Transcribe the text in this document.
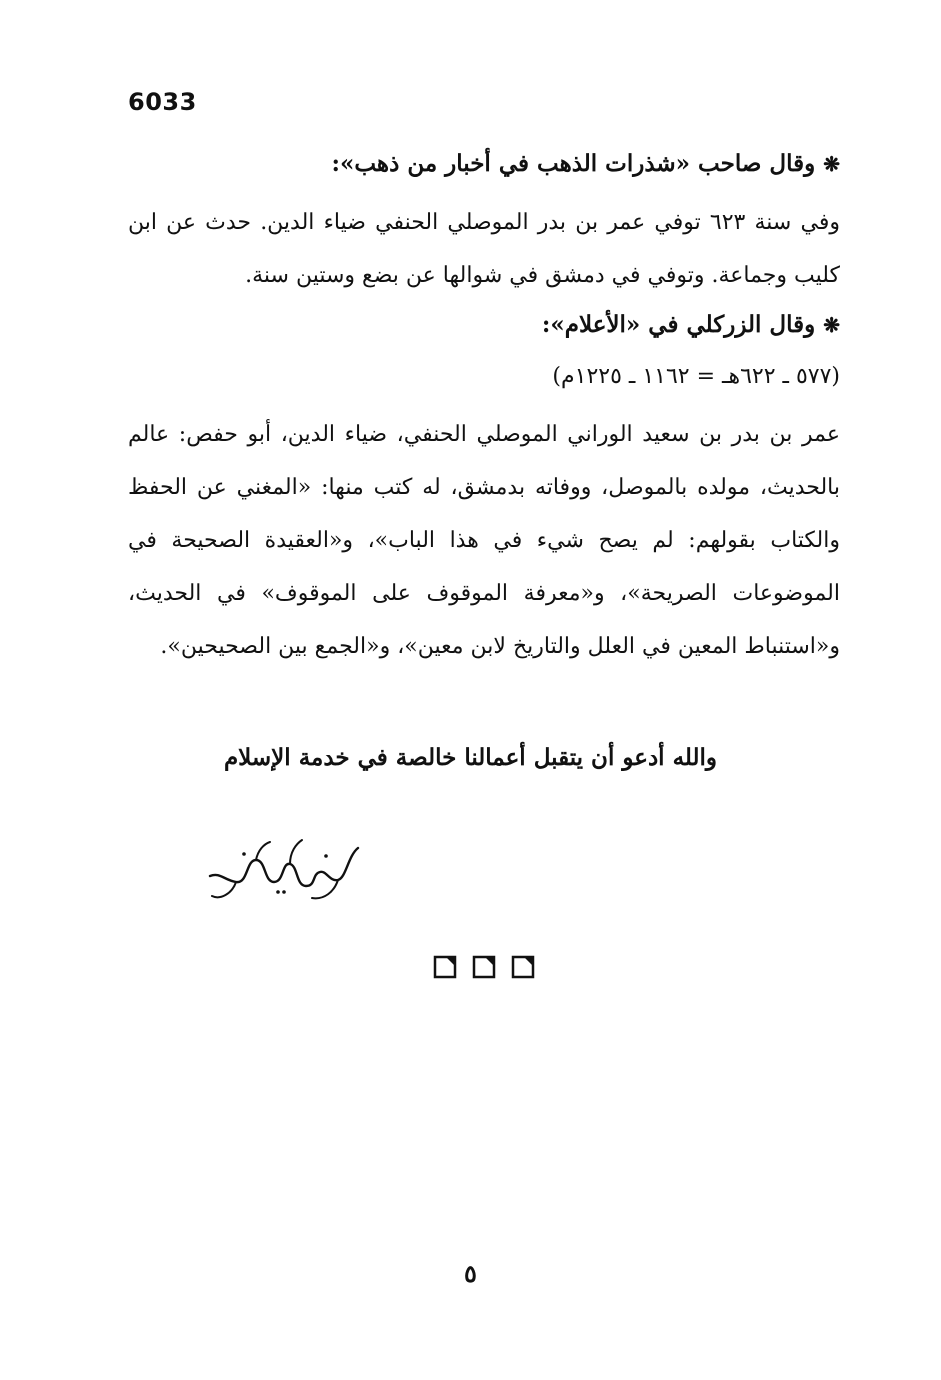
6033
❋وقال صاحب «شذرات الذهب في أخبار من ذهب»:
وفي سنة ٦٢٣ توفي عمر بن بدر الموصلي الحنفي ضياء الدين. حدث عن ابن كليب وجماعة. وتوفي في دمشق في شوالها عن بضع وستين سنة.
❋وقال الزركلي في «الأعلام»:
(٥٧٧ ـ ٦٢٢هـ = ١١٦٢ ـ ١٢٢٥م)
عمر بن بدر بن سعيد الوراني الموصلي الحنفي، ضياء الدين، أبو حفص: عالم بالحديث، مولده بالموصل، ووفاته بدمشق، له كتب منها: «المغني عن الحفظ والكتاب بقولهم: لم يصح شيء في هذا الباب»، و«العقيدة الصحيحة في الموضوعات الصريحة»، و«معرفة الموقوف على الموقوف» في الحديث، و«استنباط المعين في العلل والتاريخ لابن معين»، و«الجمع بين الصحيحين».
والله أدعو أن يتقبل أعمالنا خالصة في خدمة الإسلام
٥
